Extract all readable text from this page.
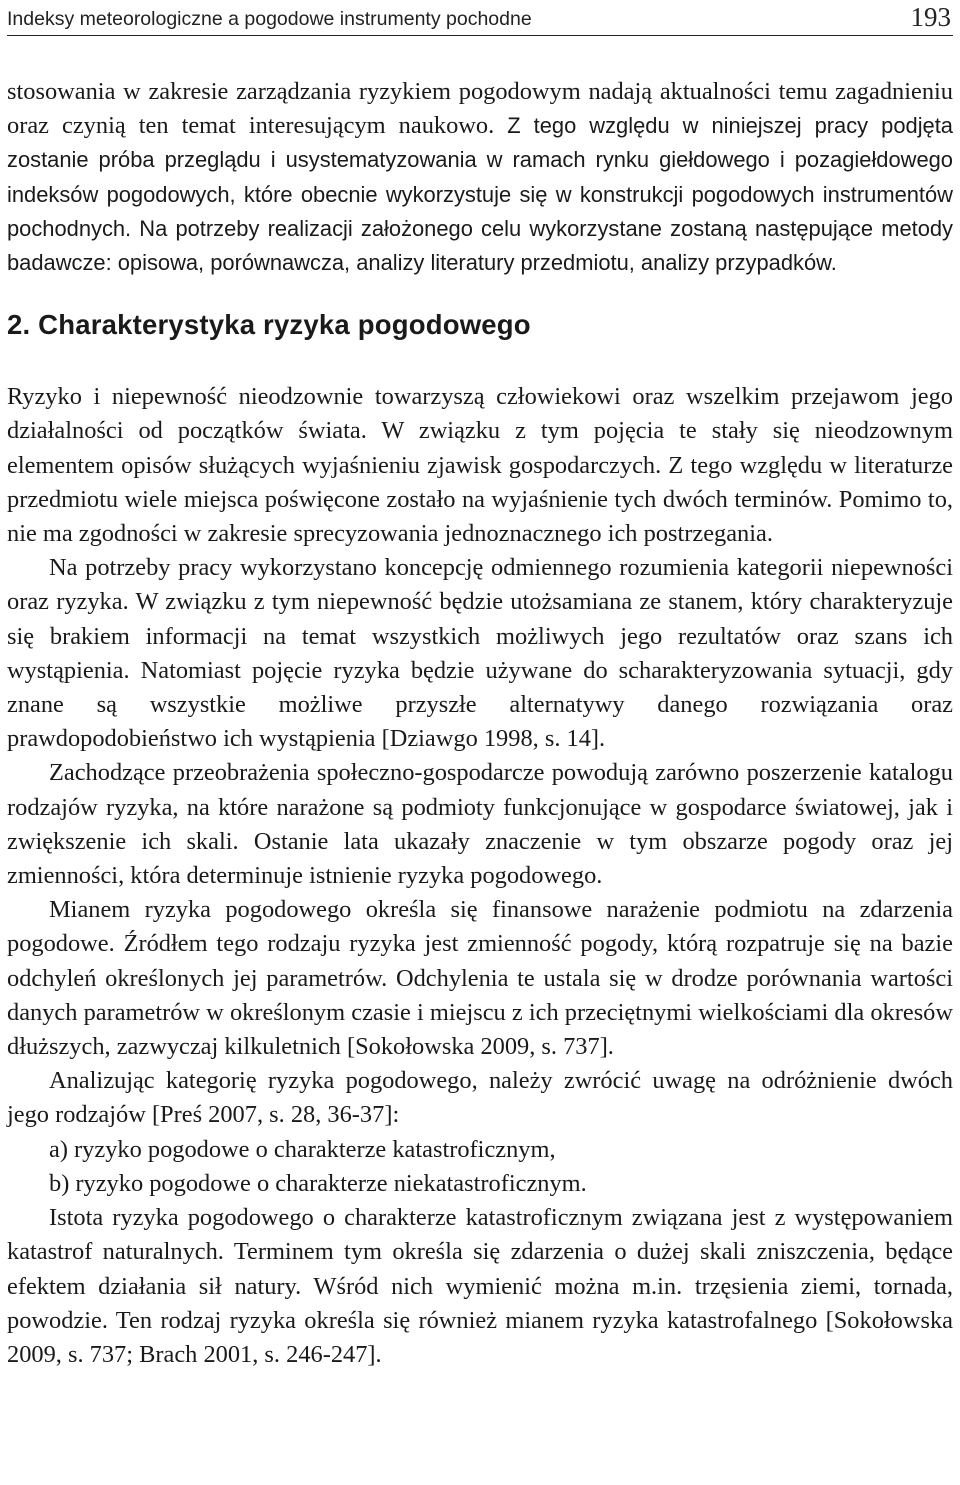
Indeksy meteorologiczne a pogodowe instrumenty pochodne	193

stosowania w zakresie zarządzania ryzykiem pogodowym nadają aktualności temu zagadnieniu oraz czynią ten temat interesującym naukowo. Z tego względu w niniejszej pracy podjęta zostanie próba przeglądu i usystematyzowania w ramach rynku giełdowego i pozagiełdowego indeksów pogodowych, które obecnie wykorzystuje się w konstrukcji pogodowych instrumentów pochodnych. Na potrzeby realizacji założonego celu wykorzystane zostaną następujące metody badawcze: opisowa, porównawcza, analizy literatury przedmiotu, analizy przypadków.

2. Charakterystyka ryzyka pogodowego

Ryzyko i niepewność nieodzownie towarzyszą człowiekowi oraz wszelkim przejawom jego działalności od początków świata. W związku z tym pojęcia te stały się nieodzownym elementem opisów służących wyjaśnieniu zjawisk gospodarczych. Z tego względu w literaturze przedmiotu wiele miejsca poświęcone zostało na wyjaśnienie tych dwóch terminów. Pomimo to, nie ma zgodności w zakresie sprecyzowania jednoznacznego ich postrzegania.

Na potrzeby pracy wykorzystano koncepcję odmiennego rozumienia kategorii niepewności oraz ryzyka. W związku z tym niepewność będzie utożsamiana ze stanem, który charakteryzuje się brakiem informacji na temat wszystkich możliwych jego rezultatów oraz szans ich wystąpienia. Natomiast pojęcie ryzyka będzie używane do scharakteryzowania sytuacji, gdy znane są wszystkie możliwe przyszłe alternatywy danego rozwiązania oraz prawdopodobieństwo ich wystąpienia [Dziawgo 1998, s. 14].

Zachodzące przeobrażenia społeczno-gospodarcze powodują zarówno poszerzenie katalogu rodzajów ryzyka, na które narażone są podmioty funkcjonujące w gospodarce światowej, jak i zwiększenie ich skali. Ostanie lata ukazały znaczenie w tym obszarze pogody oraz jej zmienności, która determinuje istnienie ryzyka pogodowego.

Mianem ryzyka pogodowego określa się finansowe narażenie podmiotu na zdarzenia pogodowe. Źródłem tego rodzaju ryzyka jest zmienność pogody, którą rozpatruje się na bazie odchyleń określonych jej parametrów. Odchylenia te ustala się w drodze porównania wartości danych parametrów w określonym czasie i miejscu z ich przeciętnymi wielkościami dla okresów dłuższych, zazwyczaj kilkuletnich [Sokołowska 2009, s. 737].

Analizując kategorię ryzyka pogodowego, należy zwrócić uwagę na odróżnienie dwóch jego rodzajów [Preś 2007, s. 28, 36-37]:

a) ryzyko pogodowe o charakterze katastroficznym,

b) ryzyko pogodowe o charakterze niekatastroficznym.

Istota ryzyka pogodowego o charakterze katastroficznym związana jest z występowaniem katastrof naturalnych. Terminem tym określa się zdarzenia o dużej skali zniszczenia, będące efektem działania sił natury. Wśród nich wymienić można m.in. trzęsienia ziemi, tornada, powodzie. Ten rodzaj ryzyka określa się również mianem ryzyka katastrofalnego [Sokołowska 2009, s. 737; Brach 2001, s. 246-247].
